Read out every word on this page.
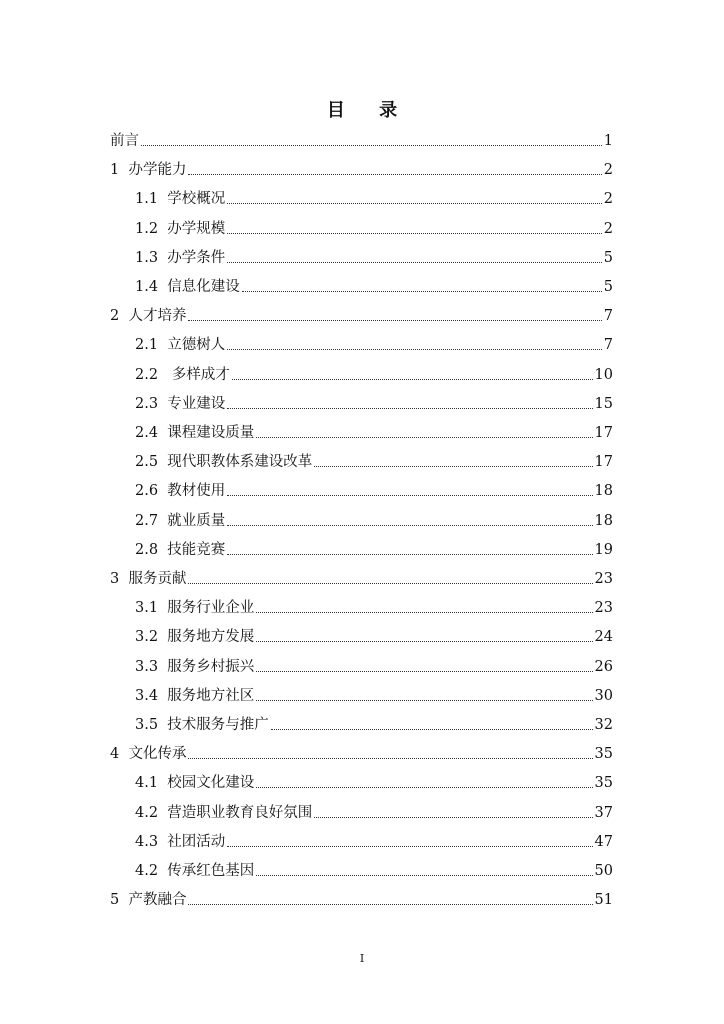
目 录
前言	1
1 办学能力	2
1.1 学校概况	2
1.2 办学规模	2
1.3 办学条件	5
1.4 信息化建设	5
2 人才培养	7
2.1 立德树人	7
2.2 多样成才	10
2.3 专业建设	15
2.4 课程建设质量	17
2.5 现代职教体系建设改革	17
2.6 教材使用	18
2.7 就业质量	18
2.8 技能竞赛	19
3 服务贡献	23
3.1 服务行业企业	23
3.2 服务地方发展	24
3.3 服务乡村振兴	26
3.4 服务地方社区	30
3.5 技术服务与推广	32
4 文化传承	35
4.1 校园文化建设	35
4.2 营造职业教育良好氛围	37
4.3 社团活动	47
4.2 传承红色基因	50
5 产教融合	51
I
